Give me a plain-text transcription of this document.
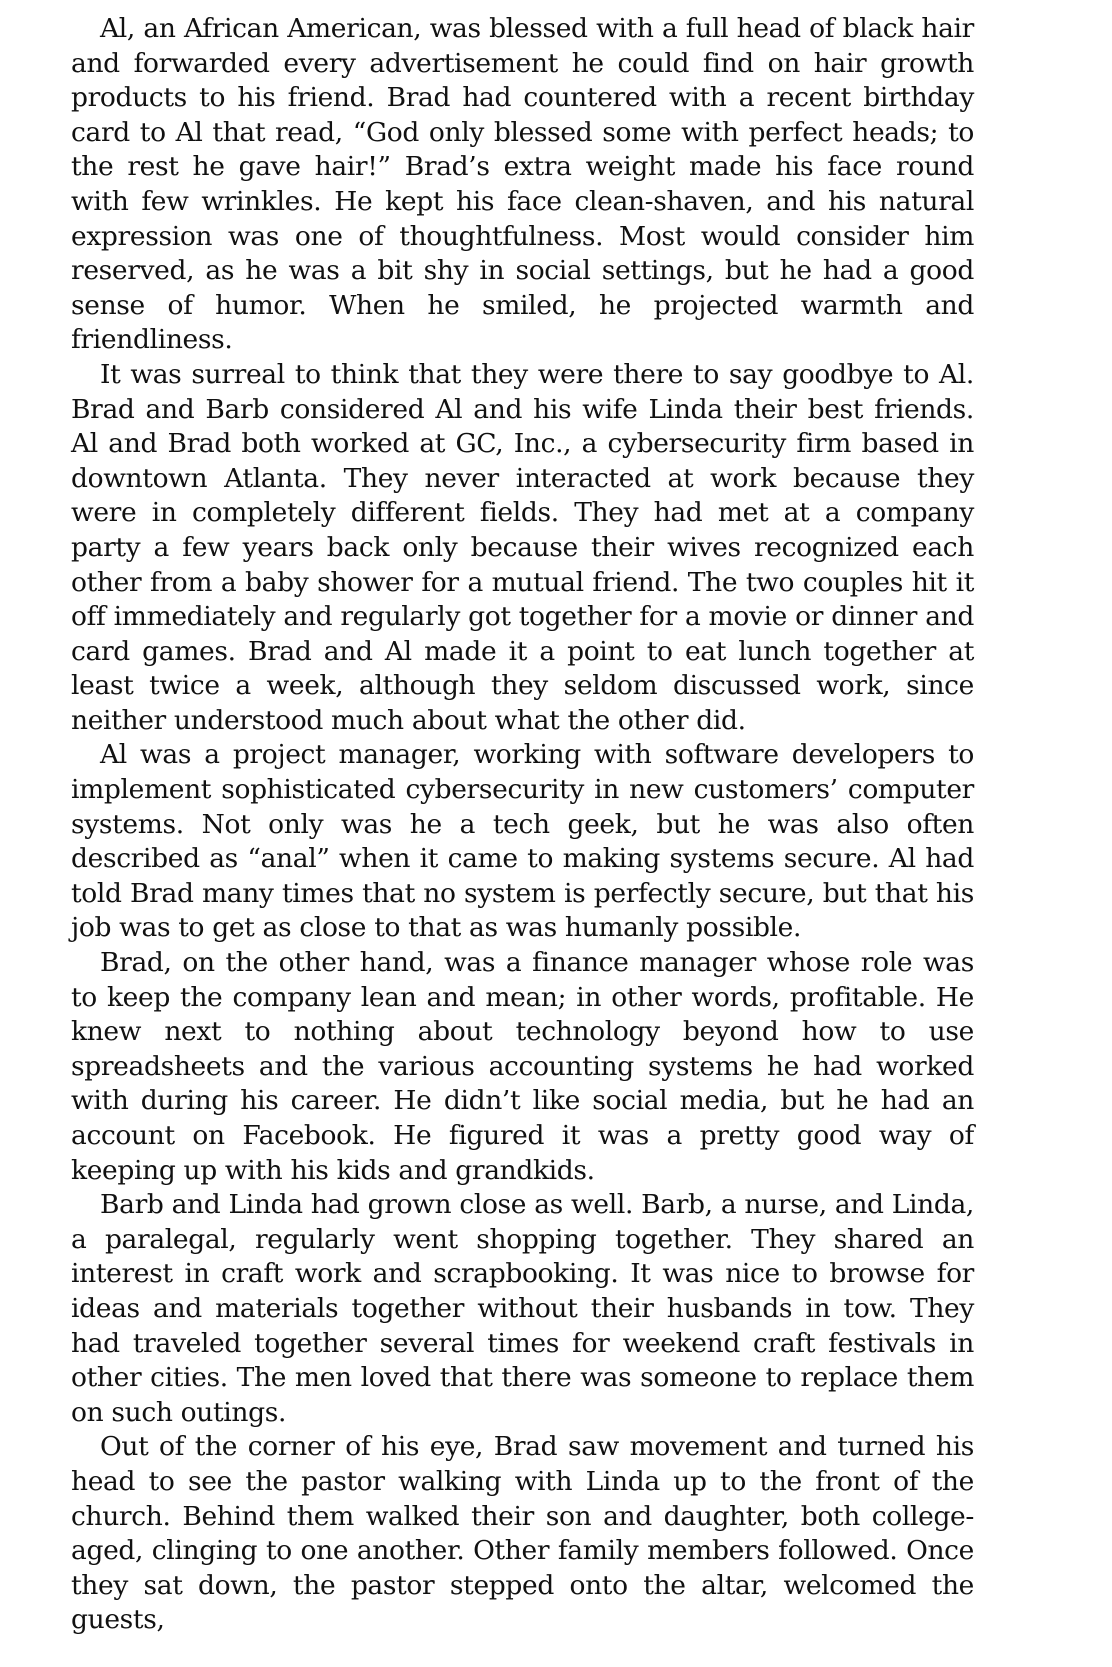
Al, an African American, was blessed with a full head of black hair and forwarded every advertisement he could find on hair growth products to his friend. Brad had countered with a recent birthday card to Al that read, “God only blessed some with perfect heads; to the rest he gave hair!” Brad’s extra weight made his face round with few wrinkles. He kept his face clean-shaven, and his natural expression was one of thoughtfulness. Most would consider him reserved, as he was a bit shy in social settings, but he had a good sense of humor. When he smiled, he projected warmth and friendliness.

It was surreal to think that they were there to say goodbye to Al. Brad and Barb considered Al and his wife Linda their best friends. Al and Brad both worked at GC, Inc., a cybersecurity firm based in downtown Atlanta. They never interacted at work because they were in completely different fields. They had met at a company party a few years back only because their wives recognized each other from a baby shower for a mutual friend. The two couples hit it off immediately and regularly got together for a movie or dinner and card games. Brad and Al made it a point to eat lunch together at least twice a week, although they seldom discussed work, since neither understood much about what the other did.

Al was a project manager, working with software developers to implement sophisticated cybersecurity in new customers’ computer systems. Not only was he a tech geek, but he was also often described as “anal” when it came to making systems secure. Al had told Brad many times that no system is perfectly secure, but that his job was to get as close to that as was humanly possible.

Brad, on the other hand, was a finance manager whose role was to keep the company lean and mean; in other words, profitable. He knew next to nothing about technology beyond how to use spreadsheets and the various accounting systems he had worked with during his career. He didn’t like social media, but he had an account on Facebook. He figured it was a pretty good way of keeping up with his kids and grandkids.

Barb and Linda had grown close as well. Barb, a nurse, and Linda, a paralegal, regularly went shopping together. They shared an interest in craft work and scrapbooking. It was nice to browse for ideas and materials together without their husbands in tow. They had traveled together several times for weekend craft festivals in other cities. The men loved that there was someone to replace them on such outings.

Out of the corner of his eye, Brad saw movement and turned his head to see the pastor walking with Linda up to the front of the church. Behind them walked their son and daughter, both college-aged, clinging to one another. Other family members followed. Once they sat down, the pastor stepped onto the altar, welcomed the guests,
